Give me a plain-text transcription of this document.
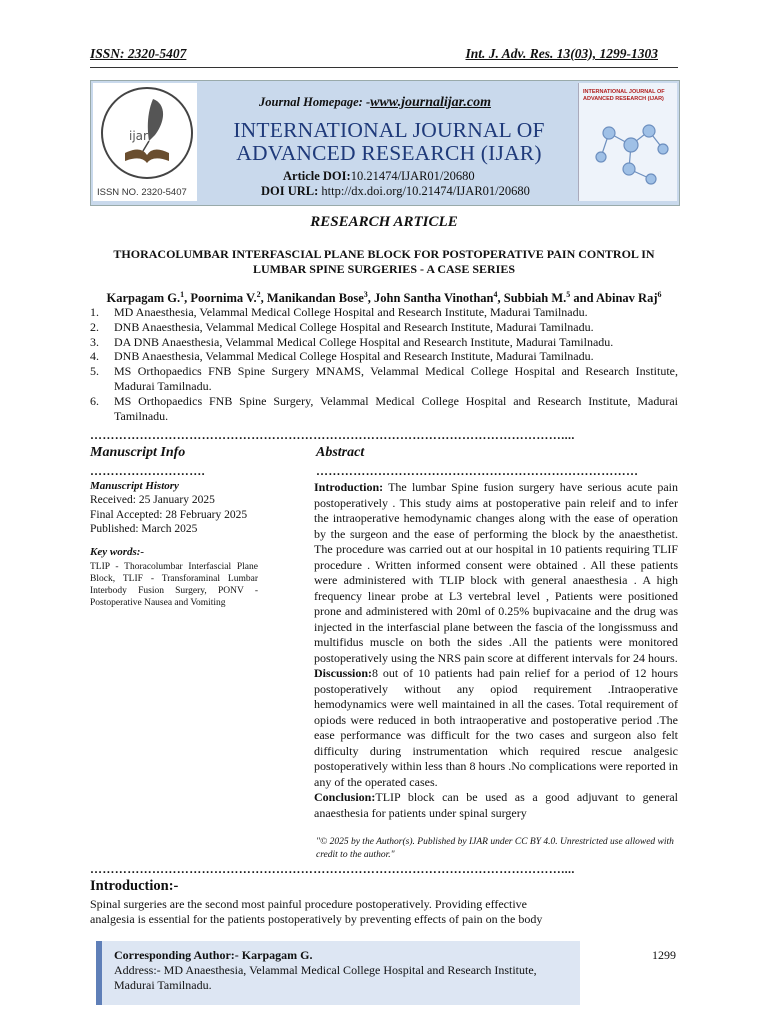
ISSN: 2320-5407	Int. J. Adv. Res. 13(03), 1299-1303
ijar
ISSN NO. 2320-5407
Journal Homepage: -www.journalijar.com
INTERNATIONAL JOURNAL OF
ADVANCED RESEARCH (IJAR)
Article DOI:10.21474/IJAR01/20680
DOI URL: http://dx.doi.org/10.21474/IJAR01/20680
INTERNATIONAL JOURNAL OF ADVANCED RESEARCH (IJAR)
RESEARCH ARTICLE
THORACOLUMBAR INTERFASCIAL PLANE BLOCK FOR POSTOPERATIVE PAIN CONTROL IN
LUMBAR SPINE SURGERIES - A CASE SERIES
Karpagam G.$^1$, Poornima V.$^2$, Manikandan Bose$^3$, John Santha Vinothan$^4$, Subbiah M.$^5$ and Abinav Raj$^6$
1.	MD Anaesthesia, Velammal Medical College Hospital and Research Institute, Madurai Tamilnadu.
2.	DNB Anaesthesia, Velammal Medical College Hospital and Research Institute, Madurai Tamilnadu.
3.	DA DNB Anaesthesia, Velammal Medical College Hospital and Research Institute, Madurai Tamilnadu.
4.	DNB Anaesthesia, Velammal Medical College Hospital and Research Institute, Madurai Tamilnadu.
5.	MS Orthopaedics FNB Spine Surgery MNAMS, Velammal Medical College Hospital and Research Institute, Madurai Tamilnadu.
6.	MS Orthopaedics FNB Spine Surgery, Velammal Medical College Hospital and Research Institute, Madurai Tamilnadu.
……………………………………………………………………………………………………....
Manuscript Info
……………………….
Manuscript History
Received: 25 January 2025
Final Accepted: 28 February 2025
Published: March 2025
Key words:-
TLIP - Thoracolumbar Interfascial Plane Block, TLIF - Transforaminal Lumbar Interbody Fusion Surgery, PONV - Postoperative Nausea and Vomiting
Abstract
……………………………………………………………………

Introduction: The lumbar Spine fusion surgery have serious acute pain postoperatively . This study aims at postoperative pain releif and to infer the intraoperative hemodynamic changes along with the ease of operation by the surgeon and the ease of performing the block by the anaesthetist. The procedure was carried out at our hospital in 10 patients requiring TLIF procedure . Written informed consent were obtained . All these patients were administered with TLIP block with general anaesthesia . A high frequency linear probe at L3 vertebral level , Patients were positioned prone and administered with 20ml of 0.25% bupivacaine and the drug was injected in the interfascial plane between the fascia of the longissmuss and multifidus muscle on both the sides .All the patients were monitored postoperatively using the NRS pain score at different intervals for 24 hours.

Discussion:8 out of 10 patients had pain relief for a period of 12 hours postoperatively without any opiod requirement .Intraoperative hemodynamics were well maintained in all the cases. Total requirement of opiods were reduced in both intraoperative and postoperative period .The ease performance was difficult for the two cases and surgeon also felt difficulty during instrumentation which required rescue analgesic postoperatively within less than 8 hours .No complications were reported in any of the operated cases.

Conclusion:TLIP block can be used as a good adjuvant to general anaesthesia for patients under spinal surgery

"© 2025 by the Author(s). Published by IJAR under CC BY 4.0. Unrestricted use allowed with credit to the author."
……………………………………………………………………………………………………....
Introduction:-
Spinal surgeries are the second most painful procedure postoperatively. Providing effective
analgesia is essential for the patients postoperatively by preventing effects of pain on the body
Corresponding Author:- Karpagam G.
Address:- MD Anaesthesia, Velammal Medical College Hospital and Research Institute,
Madurai Tamilnadu.
1299
